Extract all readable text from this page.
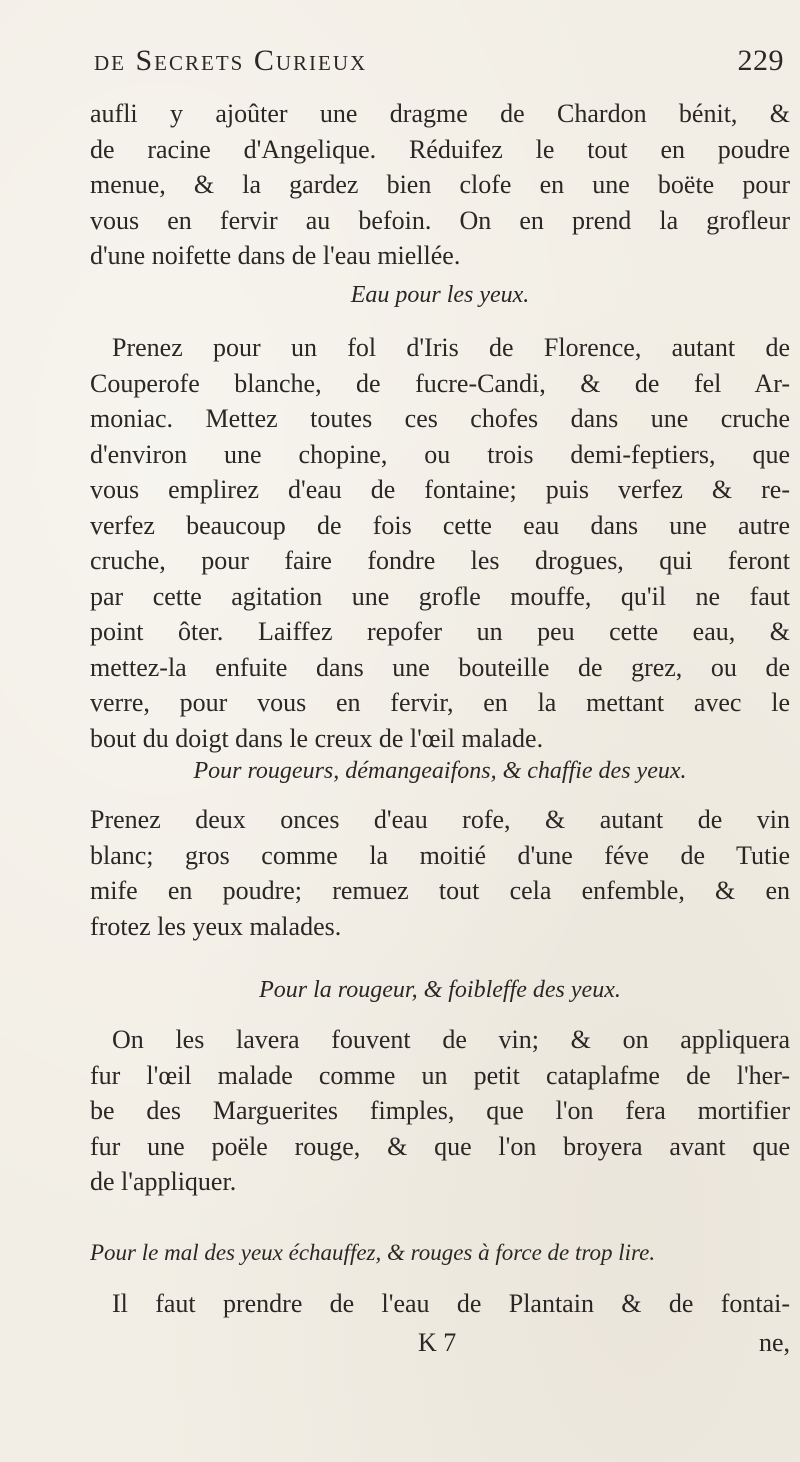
de Secrets Curieux	229
aufli y ajoûter une dragme de Chardon bénit, &
de racine d'Angelique. Réduifez le tout en poudre
menue, & la gardez bien clofe en une boëte pour
vous en fervir au befoin. On en prend la grofleur
d'une noifette dans de l'eau miellée.
Eau pour les yeux.
Prenez pour un fol d'Iris de Florence, autant de
Couperofe blanche, de fucre-Candi, & de fel Ar-
moniac. Mettez toutes ces chofes dans une cruche
d'environ une chopine, ou trois demi-feptiers, que
vous emplirez d'eau de fontaine; puis verfez & re-
verfez beaucoup de fois cette eau dans une autre
cruche, pour faire fondre les drogues, qui feront
par cette agitation une grofle mouffe, qu'il ne faut
point ôter. Laiffez repofer un peu cette eau, &
mettez-la enfuite dans une bouteille de grez, ou de
verre, pour vous en fervir, en la mettant avec le
bout du doigt dans le creux de l'œil malade.
Pour rougeurs, démangeaifons, & chaffie des yeux.
Prenez deux onces d'eau rofe, & autant de vin
blanc; gros comme la moitié d'une féve de Tutie
mife en poudre; remuez tout cela enfemble, & en
frotez les yeux malades.
Pour la rougeur, & foibleffe des yeux.
On les lavera fouvent de vin; & on appliquera
fur l'œil malade comme un petit cataplafme de l'her-
be des Marguerites fimples, que l'on fera mortifier
fur une poële rouge, & que l'on broyera avant que
de l'appliquer.
Pour le mal des yeux échauffez, & rouges à force de trop lire.
Il faut prendre de l'eau de Plantain & de fontai-
K 7	ne,
